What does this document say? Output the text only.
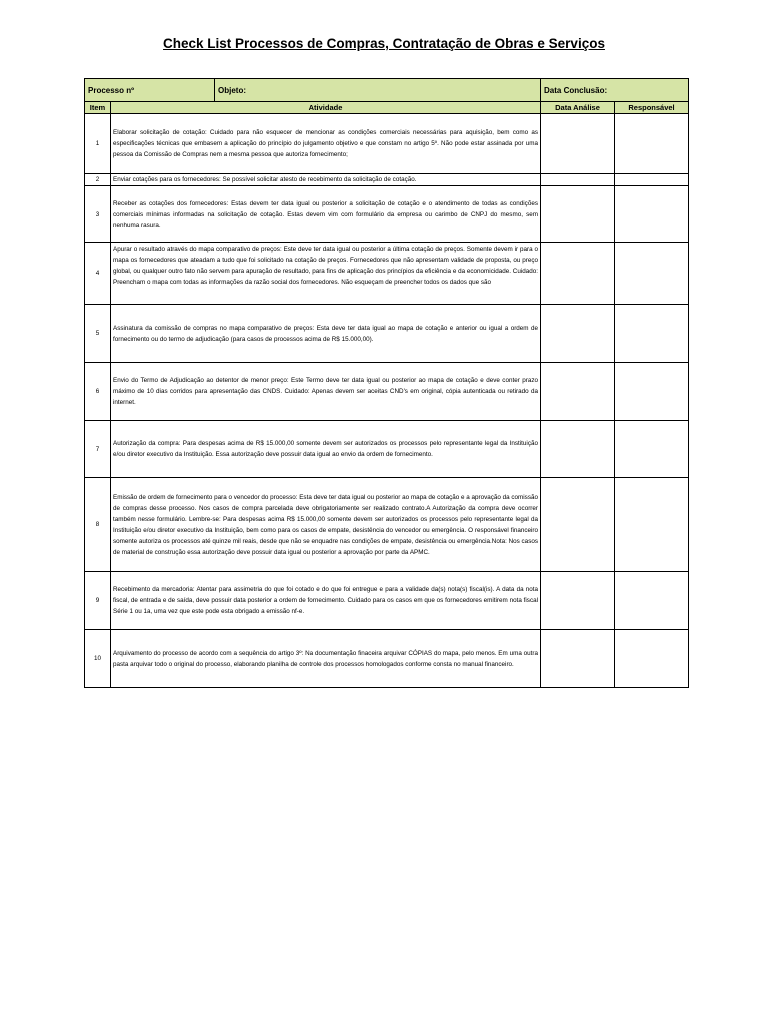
Check List Processos de Compras, Contratação de Obras e Serviços
Processo nº	Objeto:	Data Conclusão:
Item	Atividade	Data Análise	Responsável
1	Elaborar solicitação de cotação: Cuidado para não esquecer de mencionar as condições comerciais necessárias para aquisição, bem como as especificações técnicas que embasem a aplicação do princípio do julgamento objetivo e que constam no artigo 5º. Não pode estar assinada por uma pessoa da Comissão de Compras nem a mesma pessoa que autoriza fornecimento;		
2	Enviar cotações para os fornecedores: Se possível solicitar atesto de recebimento da solicitação de cotação.		
3	Receber as cotações dos fornecedores: Estas devem ter data igual ou posterior a solicitação de cotação e o atendimento de todas as condições comerciais mínimas informadas na solicitação de cotação. Estas devem vim com formulário da empresa ou carimbo de CNPJ do mesmo, sem nenhuma rasura.		
4	Apurar o resultado através do mapa comparativo de preços: Este deve ter data igual ou posterior a última cotação de preços. Somente devem ir para o mapa os fornecedores que ateadam a tudo que foi solicitado na cotação de preços. Fornecedores que não apresentam validade de proposta, ou preço global, ou qualquer outro fato não servem para apuração de resultado, para fins de aplicação dos princípios da eficiência e da economicidade. Cuidado: Preencham o mapa com todas as informações da razão social dos fornecedores. Não esqueçam de preencher todos os dados que são		

5	Assinatura da comissão de compras no mapa comparativo de preços: Esta deve ter data igual ao mapa de cotação e anterior ou igual a ordem de fornecimento ou do termo de adjudicação (para casos de processos acima de R$ 15.000,00).		
6	Envio do Termo de Adjudicação ao detentor de menor preço: Este Termo deve ter data igual ou posterior ao mapa de cotação e deve conter prazo máximo de 10 dias corridos para apresentação das CNDS. Cuidado: Apenas devem ser aceitas CND's em original, cópia autenticada ou retirado da internet.		
7	Autorização da compra: Para despesas acima de R$ 15.000,00 somente devem ser autorizados os processos pelo representante legal da Instituição e/ou diretor executivo da Instituição. Essa autorização deve possuir data igual ao envio da ordem de fornecimento.		
8	Emissão de ordem de fornecimento para o vencedor do processo: Esta deve ter data igual ou posterior ao mapa de cotação e a aprovação da comissão de compras desse processo. Nos casos de compra parcelada deve obrigatoriamente ser realizado contrato.A Autorização da compra deve ocorrer também nesse formulário. Lembre-se: Para despesas acima R$ 15.000,00 somente devem ser autorizados os processos pelo representante legal da Instituição e/ou diretor executivo da Instituição, bem como para os casos de empate, desistência do vencedor ou emergência. O responsável financeiro somente autoriza os processos até quinze mil reais, desde que não se enquadre nas condições de empate, desistência ou emergência.Nota: Nos casos de material de construção essa autorização deve possuir data igual ou posterior a aprovação por parte da APMC.		
9	Recebimento da mercadoria: Atentar para assimetria do que foi cotado e do que foi entregue e para a validade da(s) nota(s) fiscal(is). A data da nota fiscal, de entrada e de saída, deve possuir data posterior a ordem de fornecimento. Cuidado para os casos em que os fornecedores emitirem nota fiscal Série 1 ou 1a, uma vez que este pode esta obrigado a emissão nf-e.		
10	Arquivamento do processo de acordo com a sequência do artigo 3º: Na documentação finaceira arquivar CÓPIAS do mapa, pelo menos. Em uma outra pasta arquivar todo o original do processo, elaborando planilha de controle dos processos homologados conforme consta no manual financeiro.		
